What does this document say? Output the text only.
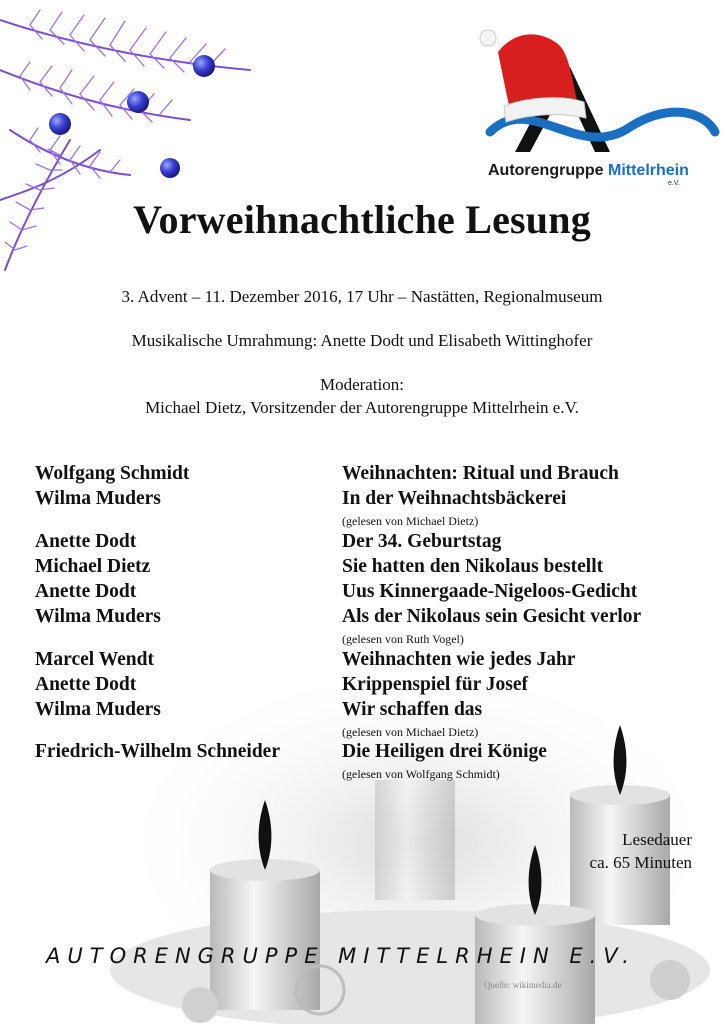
Autorengruppe Mittelrhein
e.V.
Vorweihnachtliche Lesung
3. Advent – 11. Dezember 2016, 17 Uhr – Nastätten, Regionalmuseum
Musikalische Umrahmung: Anette Dodt und Elisabeth Wittinghofer
Moderation:
Michael Dietz, Vorsitzender der Autorengruppe Mittelrhein e.V.
Wolfgang Schmidt	Weihnachten: Ritual und Brauch
Wilma Muders	In der Weihnachtsbäckerei
(gelesen von Michael Dietz)
Anette Dodt	Der 34. Geburtstag
Michael Dietz	Sie hatten den Nikolaus bestellt
Anette Dodt	Uus Kinnergaade-Nigeloos-Gedicht
Wilma Muders	Als der Nikolaus sein Gesicht verlor
(gelesen von Ruth Vogel)
Marcel Wendt	Weihnachten wie jedes Jahr
Anette Dodt	Krippenspiel für Josef
Wilma Muders	Wir schaffen das
(gelesen von Michael Dietz)
Friedrich-Wilhelm Schneider	Die Heiligen drei Könige
(gelesen von Wolfgang Schmidt)
Lesedauer
ca. 65 Minuten
AUTORENGRUPPE MITTELRHEIN E.V.
Quelle: wikimedia.de
